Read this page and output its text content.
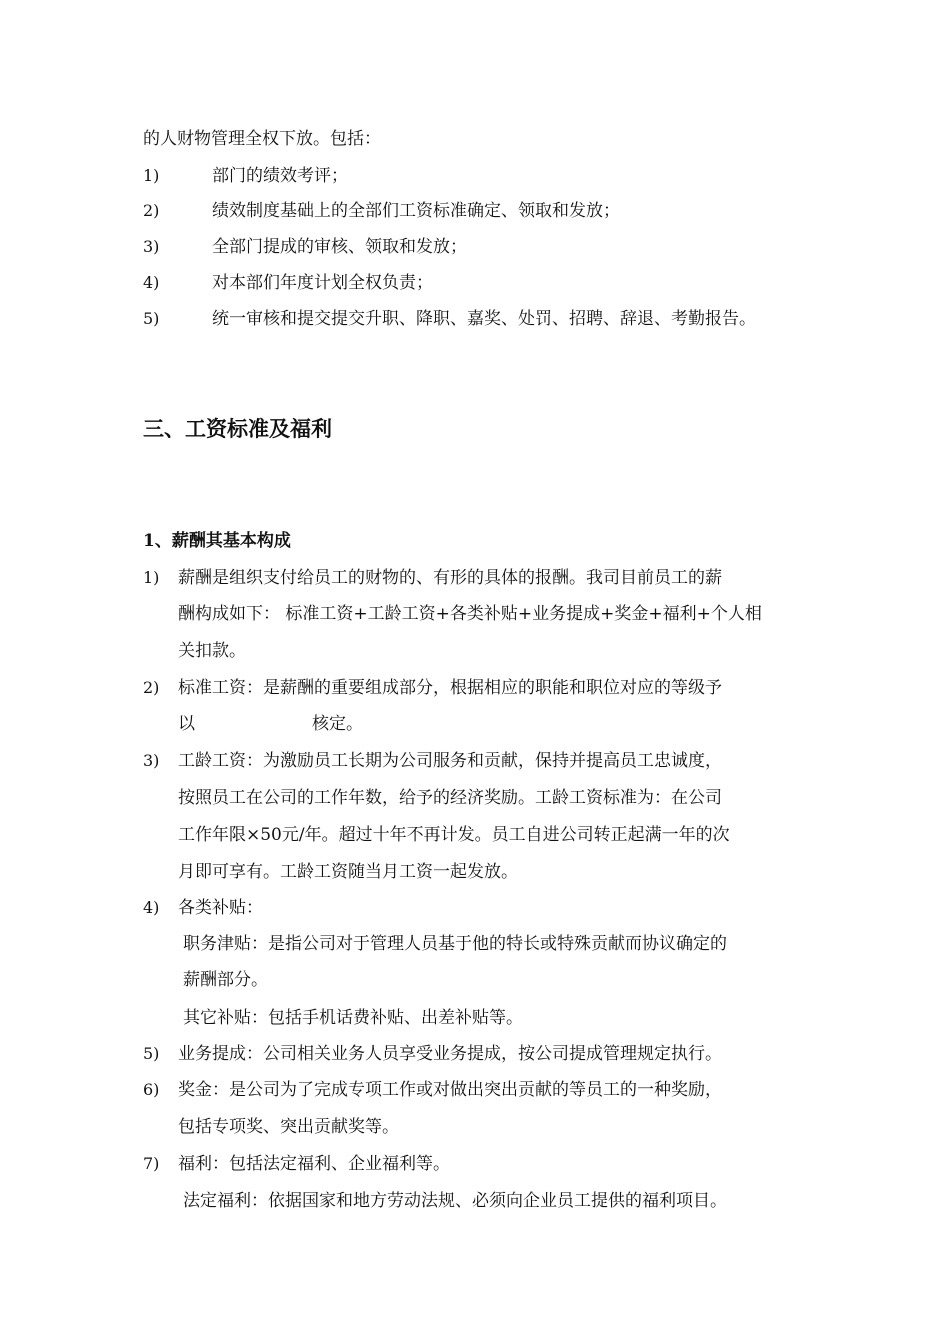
的人财物管理全权下放。包括：
1)	部门的绩效考评；
2)	绩效制度基础上的全部们工资标准确定、领取和发放；
3)	全部门提成的审核、领取和发放；
4)	对本部们年度计划全权负责；
5)	统一审核和提交提交升职、降职、嘉奖、处罚、招聘、辞退、考勤报告。
三、工资标准及福利
1、薪酬其基本构成
1) 薪酬是组织支付给员工的财物的、有形的具体的报酬。我司目前员工的薪
酬构成如下： 标准工资+工龄工资+各类补贴+业务提成+奖金+福利+个人相
关扣款。
2) 标准工资：是薪酬的重要组成部分，根据相应的职能和职位对应的等级予
以	核定。
3) 工龄工资：为激励员工长期为公司服务和贡献，保持并提高员工忠诚度，
按照员工在公司的工作年数，给予的经济奖励。工龄工资标准为：在公司
工作年限×50元/年。超过十年不再计发。员工自进公司转正起满一年的次
月即可享有。工龄工资随当月工资一起发放。
4) 各类补贴：
职务津贴：是指公司对于管理人员基于他的特长或特殊贡献而协议确定的
薪酬部分。
其它补贴：包括手机话费补贴、出差补贴等。
5) 业务提成：公司相关业务人员享受业务提成，按公司提成管理规定执行。
6) 奖金：是公司为了完成专项工作或对做出突出贡献的等员工的一种奖励，
包括专项奖、突出贡献奖等。
7) 福利：包括法定福利、企业福利等。
法定福利：依据国家和地方劳动法规、必须向企业员工提供的福利项目。
